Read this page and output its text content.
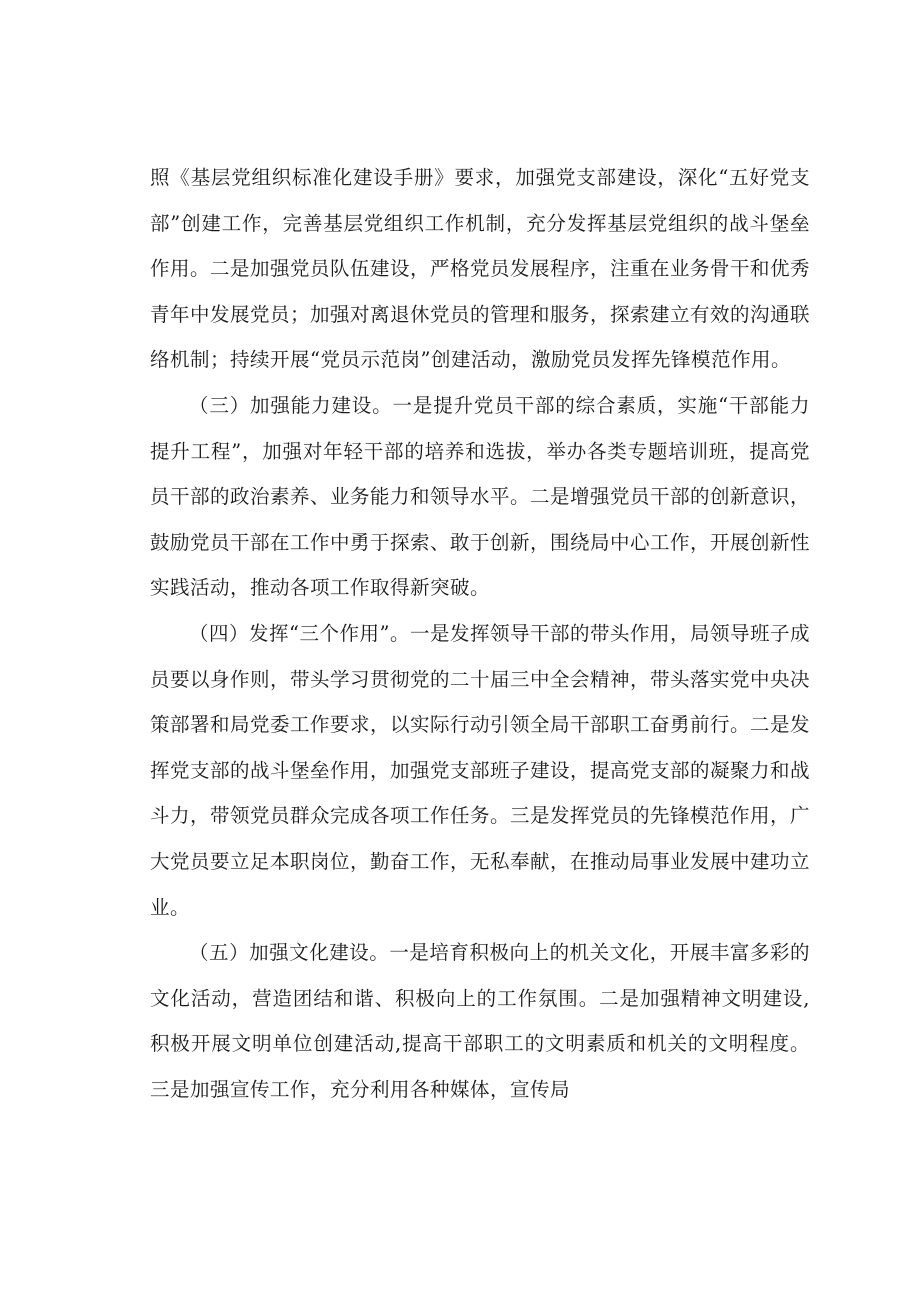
照《基层党组织标准化建设手册》要求，加强党支部建设，深化“五好党支部”创建工作，完善基层党组织工作机制，充分发挥基层党组织的战斗堡垒作用。二是加强党员队伍建设，严格党员发展程序，注重在业务骨干和优秀青年中发展党员；加强对离退休党员的管理和服务，探索建立有效的沟通联络机制；持续开展“党员示范岗”创建活动，激励党员发挥先锋模范作用。

（三）加强能力建设。一是提升党员干部的综合素质，实施“干部能力提升工程”，加强对年轻干部的培养和选拔，举办各类专题培训班，提高党员干部的政治素养、业务能力和领导水平。二是增强党员干部的创新意识，鼓励党员干部在工作中勇于探索、敢于创新，围绕局中心工作，开展创新性实践活动，推动各项工作取得新突破。

（四）发挥“三个作用”。一是发挥领导干部的带头作用，局领导班子成员要以身作则，带头学习贯彻党的二十届三中全会精神，带头落实党中央决策部署和局党委工作要求，以实际行动引领全局干部职工奋勇前行。二是发挥党支部的战斗堡垒作用，加强党支部班子建设，提高党支部的凝聚力和战斗力，带领党员群众完成各项工作任务。三是发挥党员的先锋模范作用，广大党员要立足本职岗位，勤奋工作，无私奉献，在推动局事业发展中建功立业。

（五）加强文化建设。一是培育积极向上的机关文化，开展丰富多彩的文化活动，营造团结和谐、积极向上的工作氛围。二是加强精神文明建设,积极开展文明单位创建活动,提高干部职工的文明素质和机关的文明程度。三是加强宣传工作，充分利用各种媒体，宣传局
